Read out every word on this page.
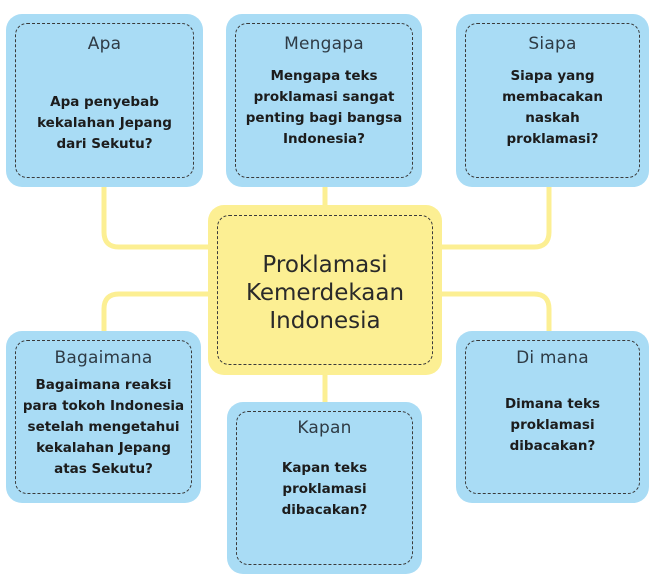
Apa
Apa penyebab
kekalahan Jepang
dari Sekutu?
Mengapa
Mengapa teks
proklamasi sangat
penting bagi bangsa
Indonesia?
Siapa
Siapa yang
membacakan
naskah
proklamasi?
Proklamasi
Kemerdekaan
Indonesia
Bagaimana
Bagaimana reaksi
para tokoh Indonesia
setelah mengetahui
kekalahan Jepang
atas Sekutu?
Kapan
Kapan teks
proklamasi
dibacakan?
Di mana
Dimana teks
proklamasi
dibacakan?
